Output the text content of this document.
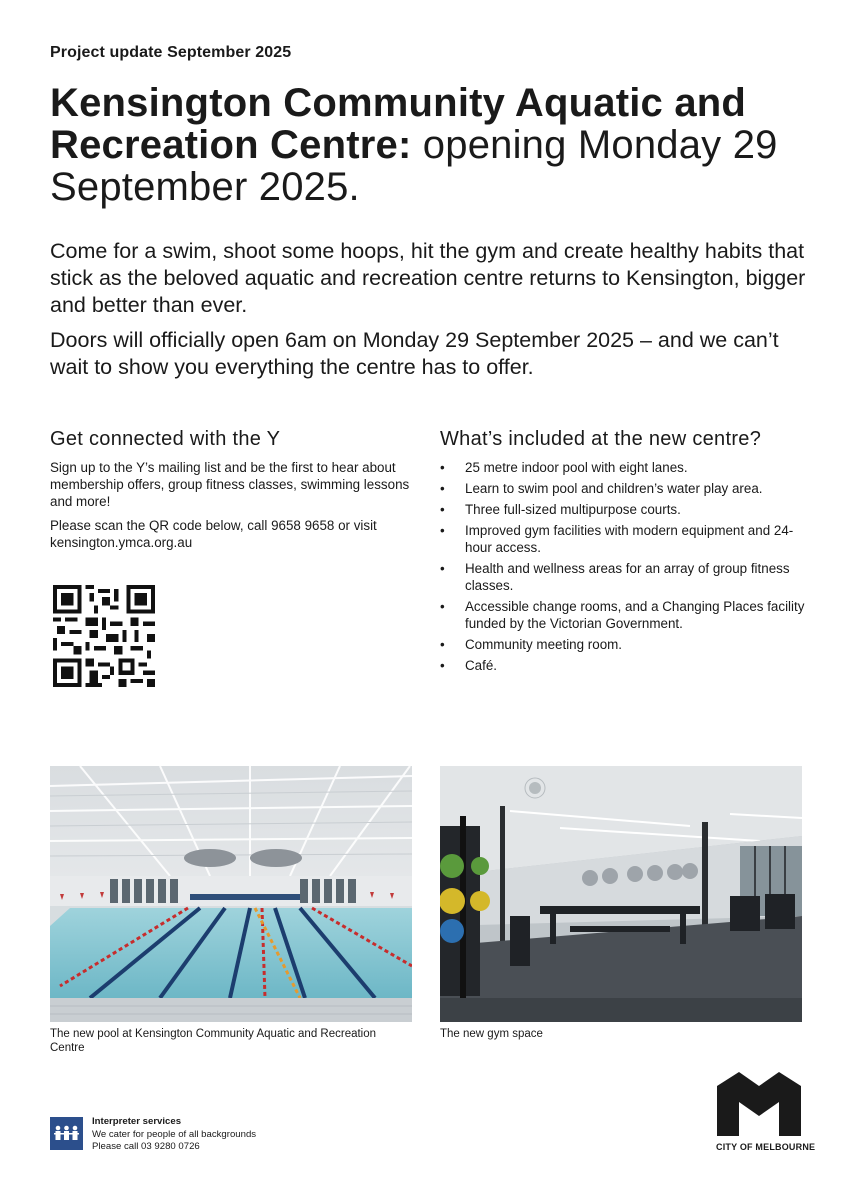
Project update September 2025
Kensington Community Aquatic and Recreation Centre: opening Monday 29 September 2025.

Come for a swim, shoot some hoops, hit the gym and create healthy habits that stick as the beloved aquatic and recreation centre returns to Kensington, bigger and better than ever.

Doors will officially open 6am on Monday 29 September 2025 – and we can’t wait to show you everything the centre has to offer.

Get connected with the Y

Sign up to the Y’s mailing list and be the first to hear about membership offers, group fitness classes, swimming lessons and more!

Please scan the QR code below, call 9658 9658 or visit kensington.ymca.org.au

What’s included at the new centre?
• 25 metre indoor pool with eight lanes.
• Learn to swim pool and children’s water play area.
• Three full-sized multipurpose courts.
• Improved gym facilities with modern equipment and 24-hour access.
• Health and wellness areas for an array of group fitness classes.
• Accessible change rooms, and a Changing Places facility funded by the Victorian Government.
• Community meeting room.
• Café.
The new pool at Kensington Community Aquatic and Recreation Centre
The new gym space
Interpreter services
We cater for people of all backgrounds
Please call 03 9280 0726	CITY OF MELBOURNE
